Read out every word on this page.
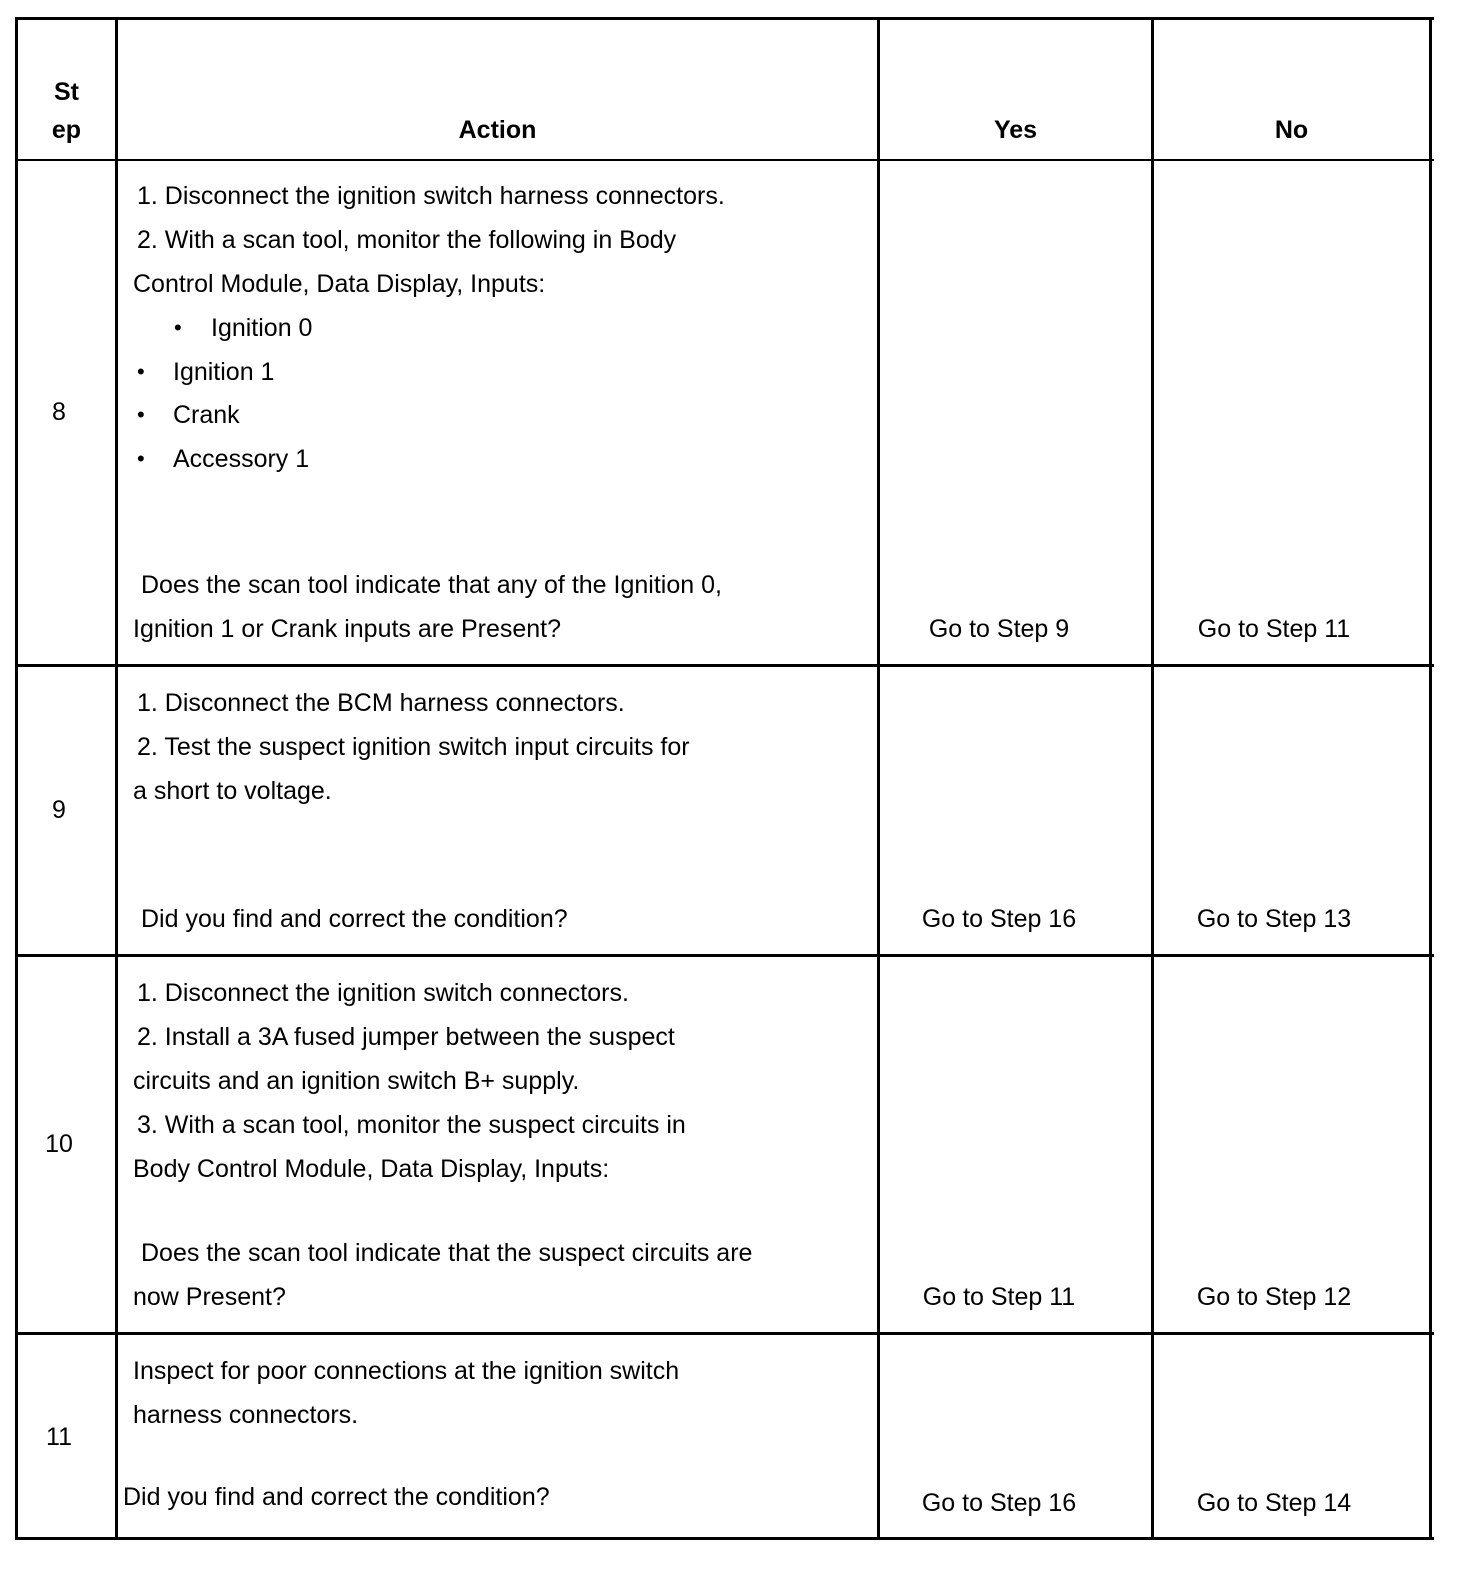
St
ep	Action	Yes	No
8
1. Disconnect the ignition switch harness connectors.
2. With a scan tool, monitor the following in Body
Control Module, Data Display, Inputs:
• Ignition 0
• Ignition 1
• Crank
• Accessory 1
Does the scan tool indicate that any of the Ignition 0,
Ignition 1 or Crank inputs are Present?	Go to Step 9	Go to Step 11
9
1. Disconnect the BCM harness connectors.
2. Test the suspect ignition switch input circuits for
a short to voltage.
Did you find and correct the condition?	Go to Step 16	Go to Step 13
10
1. Disconnect the ignition switch connectors.
2. Install a 3A fused jumper between the suspect
circuits and an ignition switch B+ supply.
3. With a scan tool, monitor the suspect circuits in
Body Control Module, Data Display, Inputs:
Does the scan tool indicate that the suspect circuits are
now Present?	Go to Step 11	Go to Step 12
11
Inspect for poor connections at the ignition switch
harness connectors.
Did you find and correct the condition?	Go to Step 16	Go to Step 14
